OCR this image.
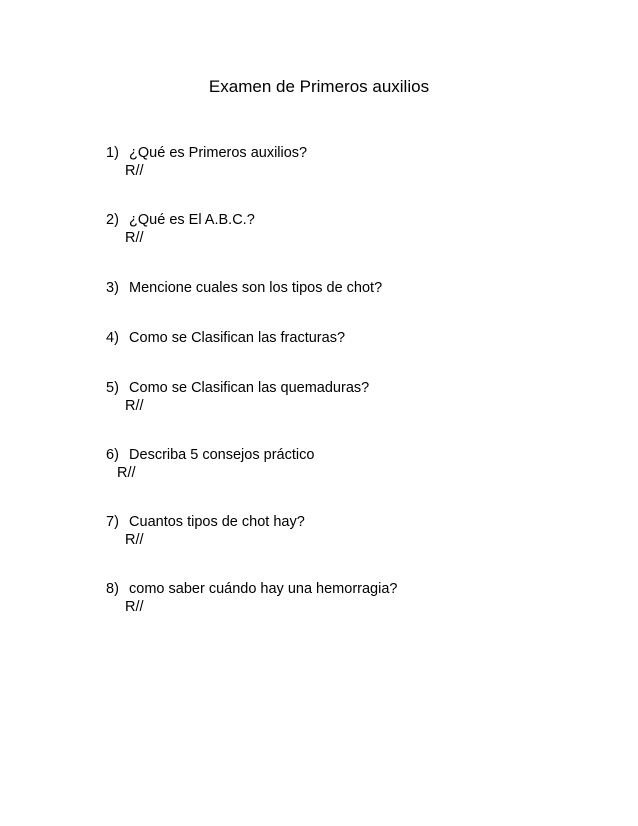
Examen de Primeros auxilios
1) ¿Qué es Primeros auxilios?
R//
2) ¿Qué es El A.B.C.?
R//
3) Mencione cuales son los tipos de chot?
4) Como se Clasifican las fracturas?
5) Como se Clasifican las quemaduras?
R//
6) Describa 5 consejos práctico
R//
7) Cuantos tipos de chot hay?
R//
8) como saber cuándo hay una hemorragia?
R//
